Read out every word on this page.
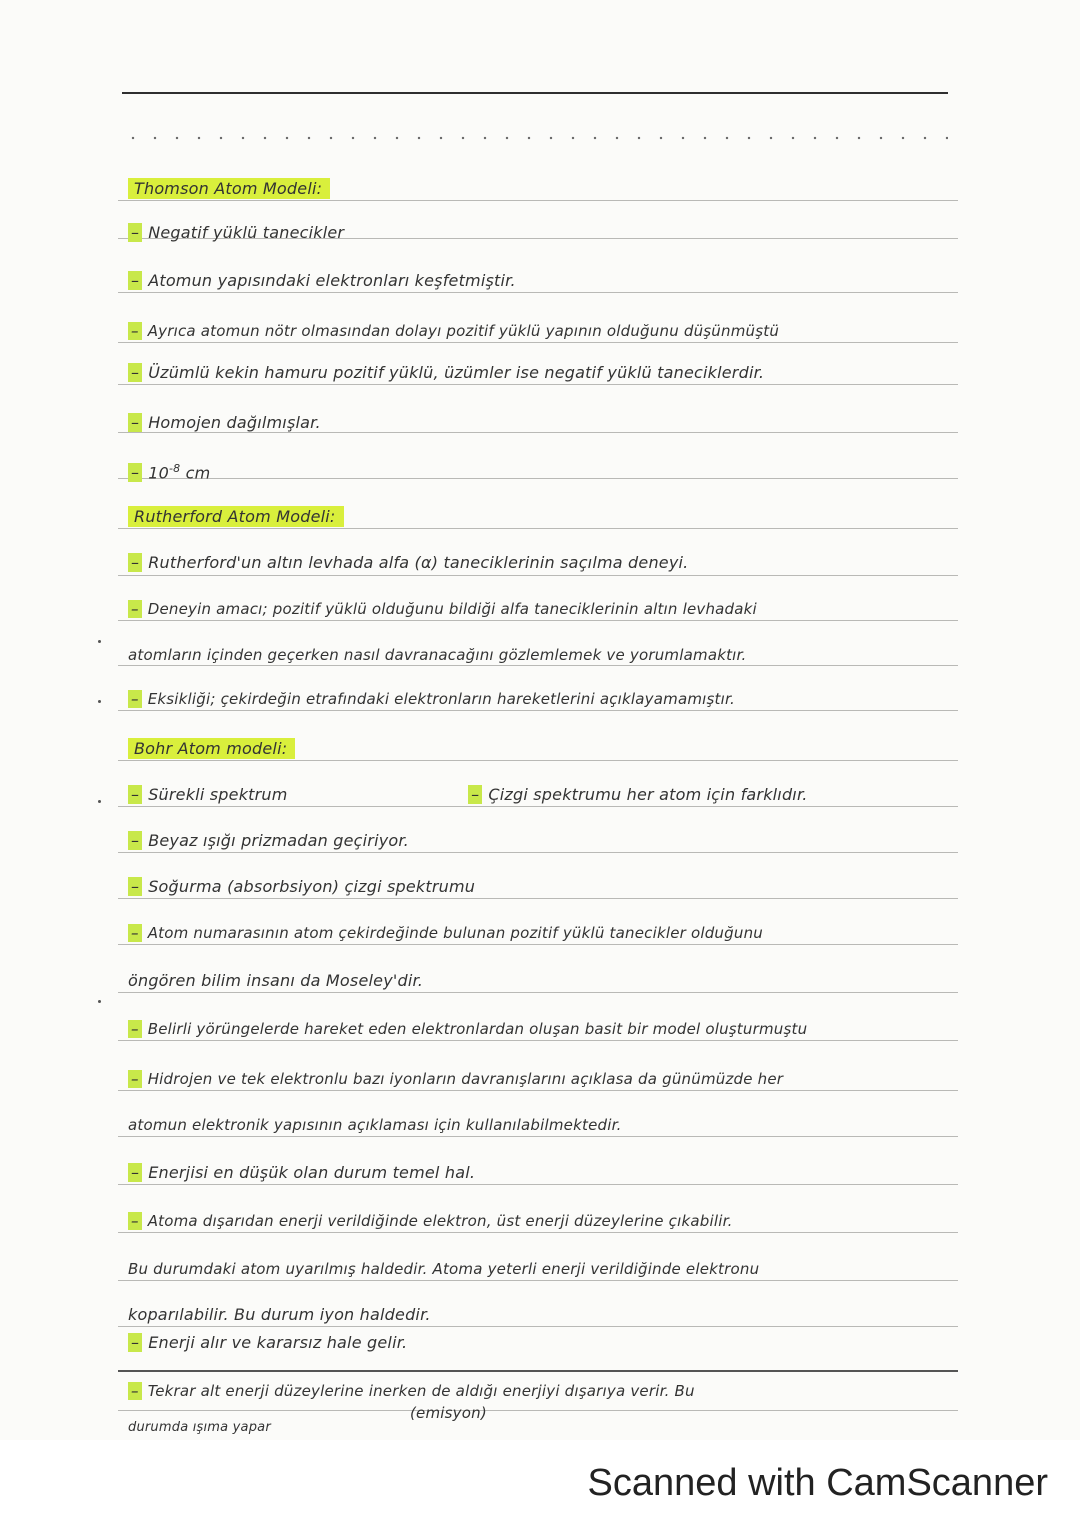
Thomson Atom Modeli:
– Negatif yüklü tanecikler
– Atomun yapısındaki elektronları keşfetmiştir.
– Ayrıca atomun nötr olmasından dolayı pozitif yüklü yapının olduğunu düşünmüştü
– Üzümlü kekin hamuru pozitif yüklü, üzümler ise negatif yüklü taneciklerdir.
– Homojen dağılmışlar.
– $10^{-8}$ cm
Rutherford Atom Modeli:
– Rutherford'un altın levhada alfa (α) taneciklerinin saçılma deneyi.
– Deneyin amacı; pozitif yüklü olduğunu bildiği alfa taneciklerinin altın levhadaki
atomların içinden geçerken nasıl davranacağını gözlemlemek ve yorumlamaktır.
– Eksikliği; çekirdeğin etrafındaki elektronların hareketlerini açıklayamamıştır.
Bohr Atom modeli:
– Sürekli spektrum	– Çizgi spektrumu her atom için farklıdır.
– Beyaz ışığı prizmadan geçiriyor.
– Soğurma (absorbsiyon) çizgi spektrumu
– Atom numarasının atom çekirdeğinde bulunan pozitif yüklü tanecikler olduğunu
öngören bilim insanı da Moseley'dir.
– Belirli yörüngelerde hareket eden elektronlardan oluşan basit bir model oluşturmuştu
– Hidrojen ve tek elektronlu bazı iyonların davranışlarını açıklasa da günümüzde her
atomun elektronik yapısının açıklaması için kullanılabilmektedir.
– Enerjisi en düşük olan durum temel hal.
– Atoma dışarıdan enerji verildiğinde elektron, üst enerji düzeylerine çıkabilir.
Bu durumdaki atom uyarılmış haldedir. Atoma yeterli enerji verildiğinde elektronu
koparılabilir. Bu durum iyon haldedir.
– Enerji alır ve kararsız hale gelir.
– Tekrar alt enerji düzeylerine inerken de aldığı enerjiyi dışarıya verir. Bu
(emisyon)
durumda ışıma yapar
Scanned with CamScanner
